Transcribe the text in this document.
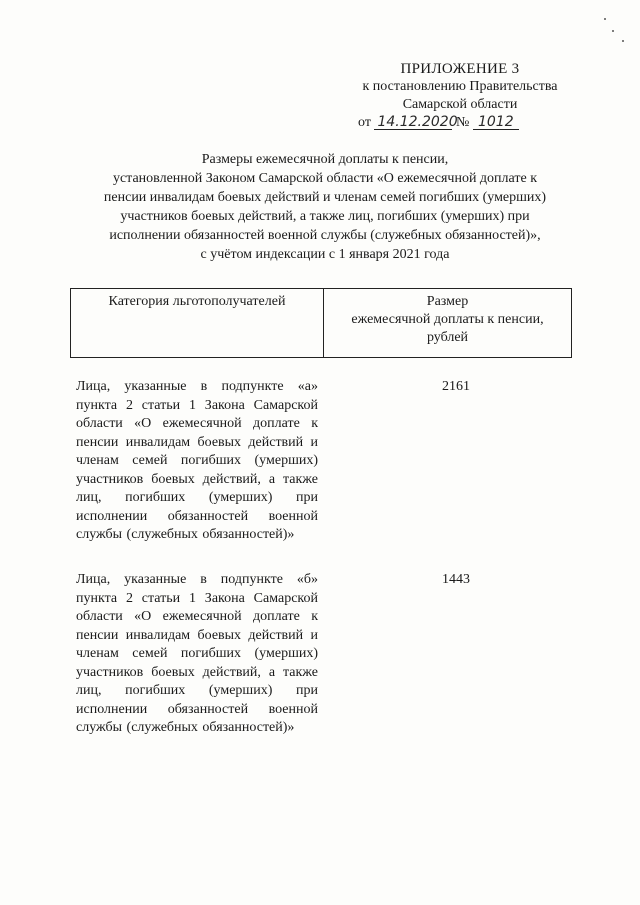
ПРИЛОЖЕНИЕ 3
к постановлению Правительства
Самарской области
от 14.12.2020 № 1012
Размеры ежемесячной доплаты к пенсии,
установленной Законом Самарской области «О ежемесячной доплате к
пенсии инвалидам боевых действий и членам семей погибших (умерших)
участников боевых действий, а также лиц, погибших (умерших) при
исполнении обязанностей военной службы (служебных обязанностей)»,
с учётом индексации с 1 января 2021 года
Категория льготополучателей	Размер
ежемесячной доплаты к пенсии,
рублей
Лица, указанные в подпункте «а» пункта 2 статьи 1 Закона Самарской области «О ежемесячной доплате к пенсии инвалидам боевых действий и членам семей погибших (умерших) участников боевых действий, а также лиц, погибших (умерших) при исполнении обязанностей военной службы (служебных обязанностей)»
2161
Лица, указанные в подпункте «б» пункта 2 статьи 1 Закона Самарской области «О ежемесячной доплате к пенсии инвалидам боевых действий и членам семей погибших (умерших) участников боевых действий, а также лиц, погибших (умерших) при исполнении обязанностей военной службы (служебных обязанностей)»
1443
